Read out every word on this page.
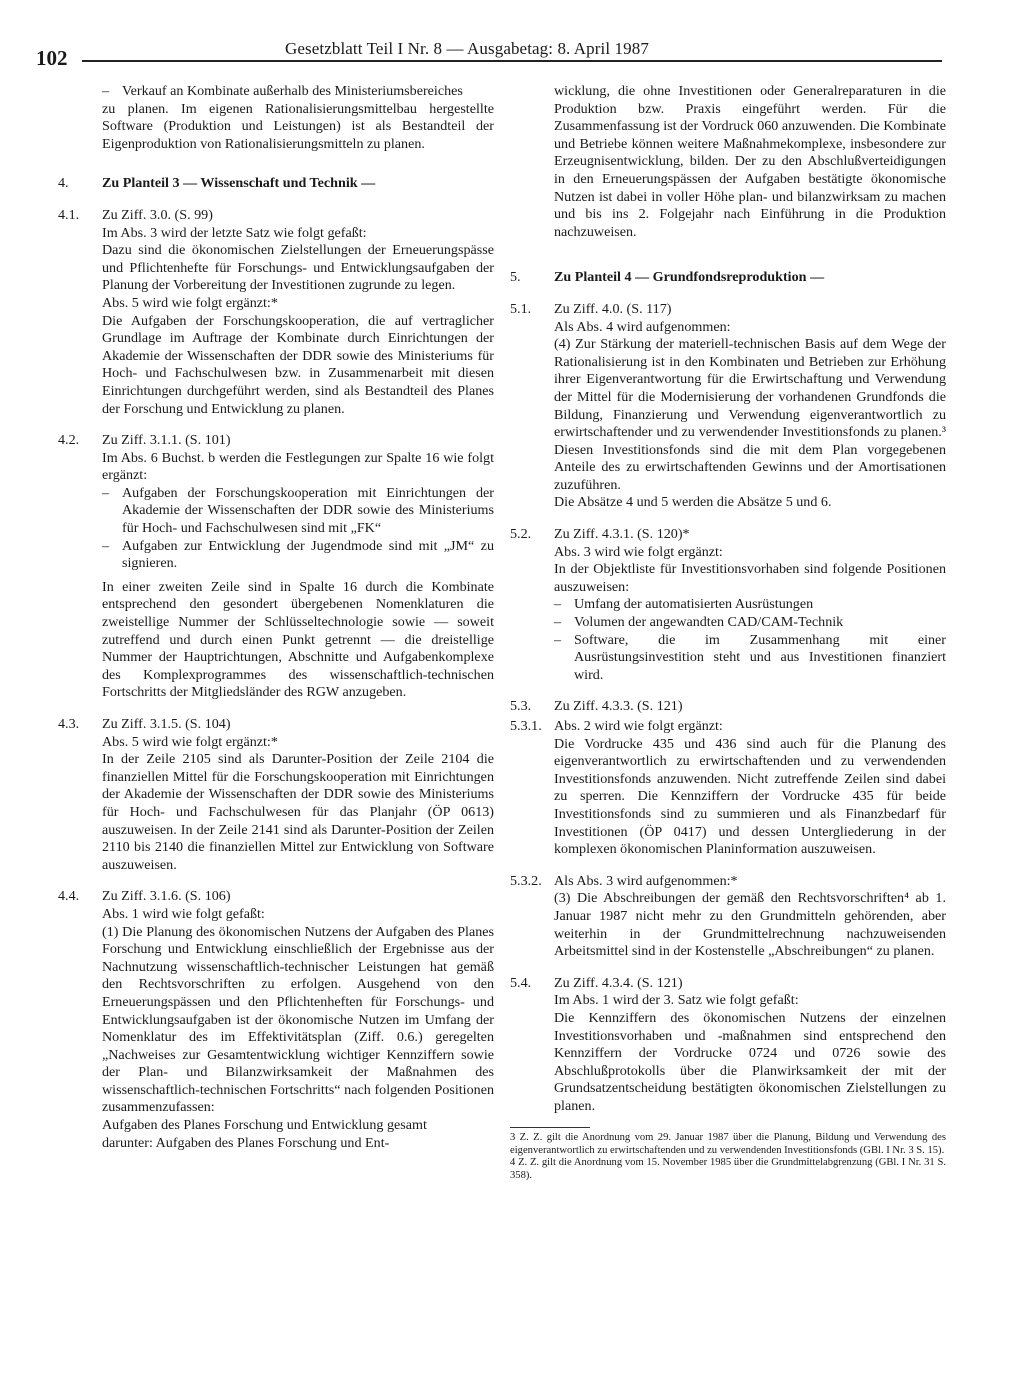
102	Gesetzblatt Teil I Nr. 8 — Ausgabetag: 8. April 1987
– Verkauf an Kombinate außerhalb des Ministeriumsbereiches

zu planen. Im eigenen Rationalisierungsmittelbau hergestellte Software (Produktion und Leistungen) ist als Bestandteil der Eigenproduktion von Rationalisierungsmitteln zu planen.

4.	Zu Planteil 3 — Wissenschaft und Technik —
4.1.	Zu Ziff. 3.0. (S. 99)

Im Abs. 3 wird der letzte Satz wie folgt gefaßt:

Dazu sind die ökonomischen Zielstellungen der Erneuerungspässe und Pflichtenhefte für Forschungs- und Entwicklungsaufgaben der Planung der Vorbereitung der Investitionen zugrunde zu legen.

Abs. 5 wird wie folgt ergänzt:*

Die Aufgaben der Forschungskooperation, die auf vertraglicher Grundlage im Auftrage der Kombinate durch Einrichtungen der Akademie der Wissenschaften der DDR sowie des Ministeriums für Hoch- und Fachschulwesen bzw. in Zusammenarbeit mit diesen Einrichtungen durchgeführt werden, sind als Bestandteil des Planes der Forschung und Entwicklung zu planen.

4.2.	Zu Ziff. 3.1.1. (S. 101)

Im Abs. 6 Buchst. b werden die Festlegungen zur Spalte 16 wie folgt ergänzt:

– Aufgaben der Forschungskooperation mit Einrichtungen der Akademie der Wissenschaften der DDR sowie des Ministeriums für Hoch- und Fachschulwesen sind mit „FK“
– Aufgaben zur Entwicklung der Jugendmode sind mit „JM“ zu signieren.

In einer zweiten Zeile sind in Spalte 16 durch die Kombinate entsprechend den gesondert übergebenen Nomenklaturen die zweistellige Nummer der Schlüsseltechnologie sowie — soweit zutreffend und durch einen Punkt getrennt — die dreistellige Nummer der Hauptrichtungen, Abschnitte und Aufgabenkomplexe des Komplexprogrammes des wissenschaftlich-technischen Fortschritts der Mitgliedsländer des RGW anzugeben.

4.3.	Zu Ziff. 3.1.5. (S. 104)

Abs. 5 wird wie folgt ergänzt:*

In der Zeile 2105 sind als Darunter-Position der Zeile 2104 die finanziellen Mittel für die Forschungskooperation mit Einrichtungen der Akademie der Wissenschaften der DDR sowie des Ministeriums für Hoch- und Fachschulwesen für das Planjahr (ÖP 0613) auszuweisen. In der Zeile 2141 sind als Darunter-Position der Zeilen 2110 bis 2140 die finanziellen Mittel zur Entwicklung von Software auszuweisen.

4.4.	Zu Ziff. 3.1.6. (S. 106)

Abs. 1 wird wie folgt gefaßt:

(1) Die Planung des ökonomischen Nutzens der Aufgaben des Planes Forschung und Entwicklung einschließlich der Ergebnisse aus der Nachnutzung wissenschaftlich-technischer Leistungen hat gemäß den Rechtsvorschriften zu erfolgen. Ausgehend von den Erneuerungspässen und den Pflichtenheften für Forschungs- und Entwicklungsaufgaben ist der ökonomische Nutzen im Umfang der Nomenklatur des im Effektivitätsplan (Ziff. 0.6.) geregelten „Nachweises zur Gesamtentwicklung wichtiger Kennziffern sowie der Plan- und Bilanzwirksamkeit der Maßnahmen des wissenschaftlich-technischen Fortschritts“ nach folgenden Positionen zusammenzufassen:

Aufgaben des Planes Forschung und Entwicklung gesamt

darunter: Aufgaben des Planes Forschung und Ent-

wicklung, die ohne Investitionen oder Generalreparaturen in die Produktion bzw. Praxis eingeführt werden. Für die Zusammenfassung ist der Vordruck 060 anzuwenden. Die Kombinate und Betriebe können weitere Maßnahmekomplexe, insbesondere zur Erzeugnisentwicklung, bilden. Der zu den Abschlußverteidigungen in den Erneuerungspässen der Aufgaben bestätigte ökonomische Nutzen ist dabei in voller Höhe plan- und bilanzwirksam zu machen und bis ins 2. Folgejahr nach Einführung in die Produktion nachzuweisen.

5.	Zu Planteil 4 — Grundfondsreproduktion —
5.1.	Zu Ziff. 4.0. (S. 117)

Als Abs. 4 wird aufgenommen:

(4) Zur Stärkung der materiell-technischen Basis auf dem Wege der Rationalisierung ist in den Kombinaten und Betrieben zur Erhöhung ihrer Eigenverantwortung für die Erwirtschaftung und Verwendung der Mittel für die Modernisierung der vorhandenen Grundfonds die Bildung, Finanzierung und Verwendung eigenverantwortlich zu erwirtschaftender und zu verwendender Investitionsfonds zu planen.³ Diesen Investitionsfonds sind die mit dem Plan vorgegebenen Anteile des zu erwirtschaftenden Gewinns und der Amortisationen zuzuführen.

Die Absätze 4 und 5 werden die Absätze 5 und 6.

5.2.	Zu Ziff. 4.3.1. (S. 120)*

Abs. 3 wird wie folgt ergänzt:

In der Objektliste für Investitionsvorhaben sind folgende Positionen auszuweisen:

– Umfang der automatisierten Ausrüstungen
– Volumen der angewandten CAD/CAM-Technik
– Software, die im Zusammenhang mit einer Ausrüstungsinvestition steht und aus Investitionen finanziert wird.
5.3.	Zu Ziff. 4.3.3. (S. 121)

5.3.1. Abs. 2 wird wie folgt ergänzt:

Die Vordrucke 435 und 436 sind auch für die Planung des eigenverantwortlich zu erwirtschaftenden und zu verwendenden Investitionsfonds anzuwenden. Nicht zutreffende Zeilen sind dabei zu sperren. Die Kennziffern der Vordrucke 435 für beide Investitionsfonds sind zu summieren und als Finanzbedarf für Investitionen (ÖP 0417) und dessen Untergliederung in der komplexen ökonomischen Planinformation auszuweisen.

5.3.2. Als Abs. 3 wird aufgenommen:*

(3) Die Abschreibungen der gemäß den Rechtsvorschriften⁴ ab 1. Januar 1987 nicht mehr zu den Grundmitteln gehörenden, aber weiterhin in der Grundmittelrechnung nachzuweisenden Arbeitsmittel sind in der Kostenstelle „Abschreibungen“ zu planen.

5.4.	Zu Ziff. 4.3.4. (S. 121)

Im Abs. 1 wird der 3. Satz wie folgt gefaßt:

Die Kennziffern des ökonomischen Nutzens der einzelnen Investitionsvorhaben und -maßnahmen sind entsprechend den Kennziffern der Vordrucke 0724 und 0726 sowie des Abschlußprotokolls über die Planwirksamkeit der mit der Grundsatzentscheidung bestätigten ökonomischen Zielstellungen zu planen.

3 Z. Z. gilt die Anordnung vom 29. Januar 1987 über die Planung, Bildung und Verwendung des eigenverantwortlich zu erwirtschaftenden und zu verwendenden Investitionsfonds (GBl. I Nr. 3 S. 15).

4 Z. Z. gilt die Anordnung vom 15. November 1985 über die Grundmittelabgrenzung (GBl. I Nr. 31 S. 358).
